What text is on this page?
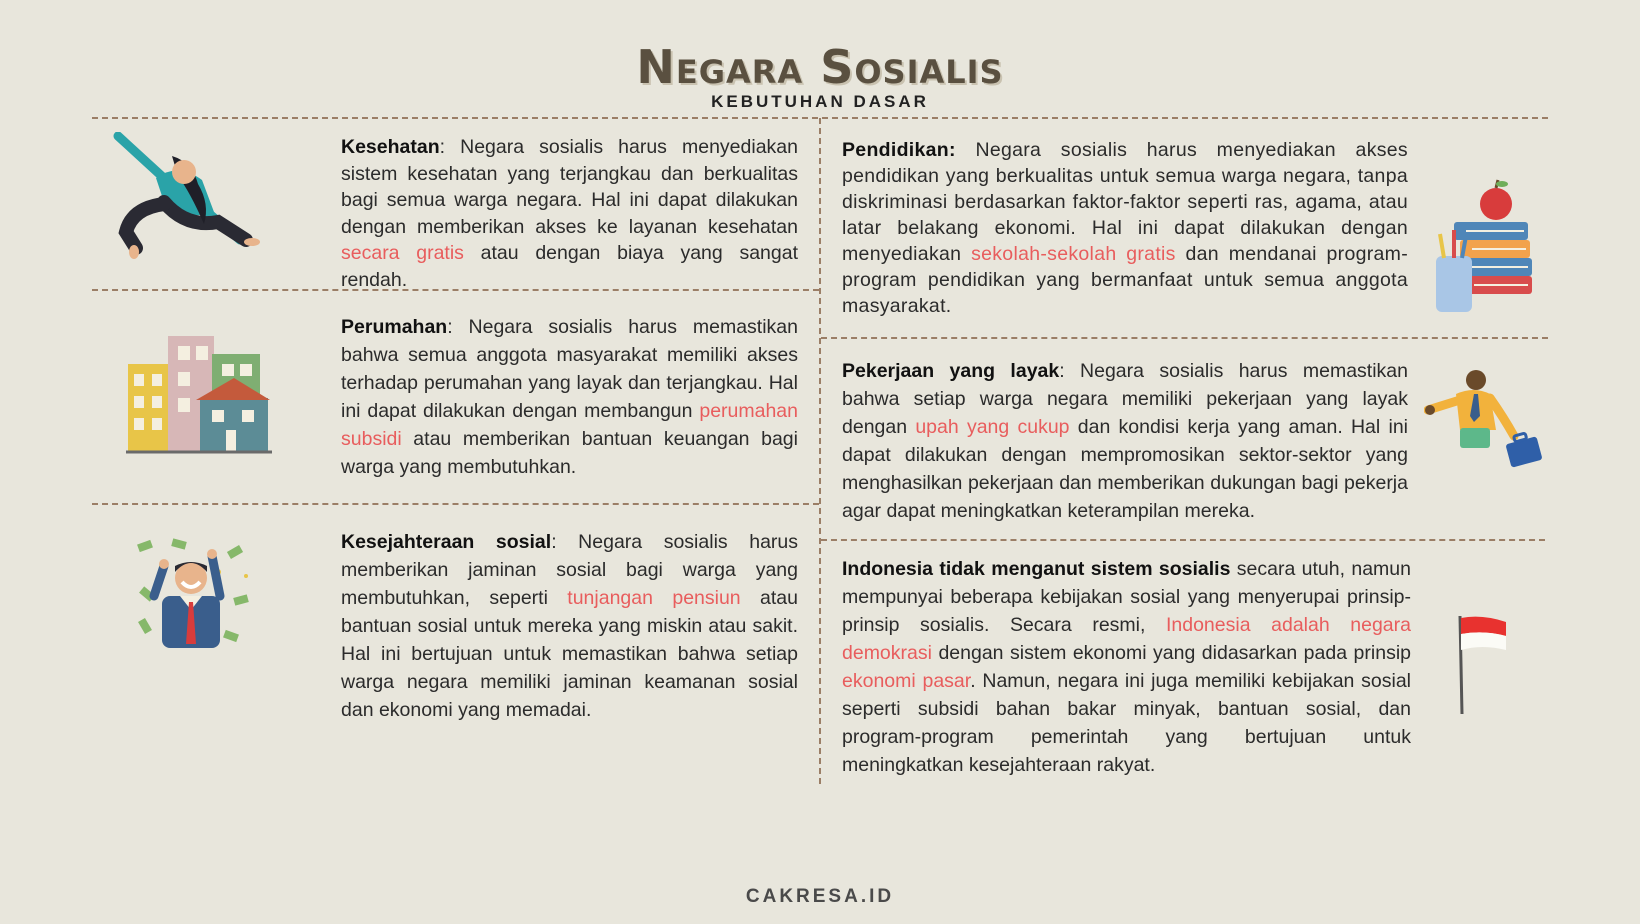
Negara Sosialis
KEBUTUHAN DASAR
Kesehatan: Negara sosialis harus menyediakan sistem kesehatan yang terjangkau dan berkualitas bagi semua warga negara. Hal ini dapat dilakukan dengan memberikan akses ke layanan kesehatan secara gratis atau dengan biaya yang sangat rendah.
Perumahan: Negara sosialis harus memastikan bahwa semua anggota masyarakat memiliki akses terhadap perumahan yang layak dan terjangkau. Hal ini dapat dilakukan dengan membangun perumahan subsidi atau memberikan bantuan keuangan bagi warga yang membutuhkan.
Kesejahteraan sosial: Negara sosialis harus memberikan jaminan sosial bagi warga yang membutuhkan, seperti tunjangan pensiun atau bantuan sosial untuk mereka yang miskin atau sakit. Hal ini bertujuan untuk memastikan bahwa setiap warga negara memiliki jaminan keamanan sosial dan ekonomi yang memadai.
Pendidikan: Negara sosialis harus menyediakan akses pendidikan yang berkualitas untuk semua warga negara, tanpa diskriminasi berdasarkan faktor-faktor seperti ras, agama, atau latar belakang ekonomi. Hal ini dapat dilakukan dengan menyediakan sekolah-sekolah gratis dan mendanai program-program pendidikan yang bermanfaat untuk semua anggota masyarakat.
Pekerjaan yang layak: Negara sosialis harus memastikan bahwa setiap warga negara memiliki pekerjaan yang layak dengan upah yang cukup dan kondisi kerja yang aman. Hal ini dapat dilakukan dengan mempromosikan sektor-sektor yang menghasilkan pekerjaan dan memberikan dukungan bagi pekerja agar dapat meningkatkan keterampilan mereka.
Indonesia tidak menganut sistem sosialis secara utuh, namun mempunyai beberapa kebijakan sosial yang menyerupai prinsip-prinsip sosialis. Secara resmi, Indonesia adalah negara demokrasi dengan sistem ekonomi yang didasarkan pada prinsip ekonomi pasar. Namun, negara ini juga memiliki kebijakan sosial seperti subsidi bahan bakar minyak, bantuan sosial, dan program-program pemerintah yang bertujuan untuk meningkatkan kesejahteraan rakyat.
CAKRESA.ID
